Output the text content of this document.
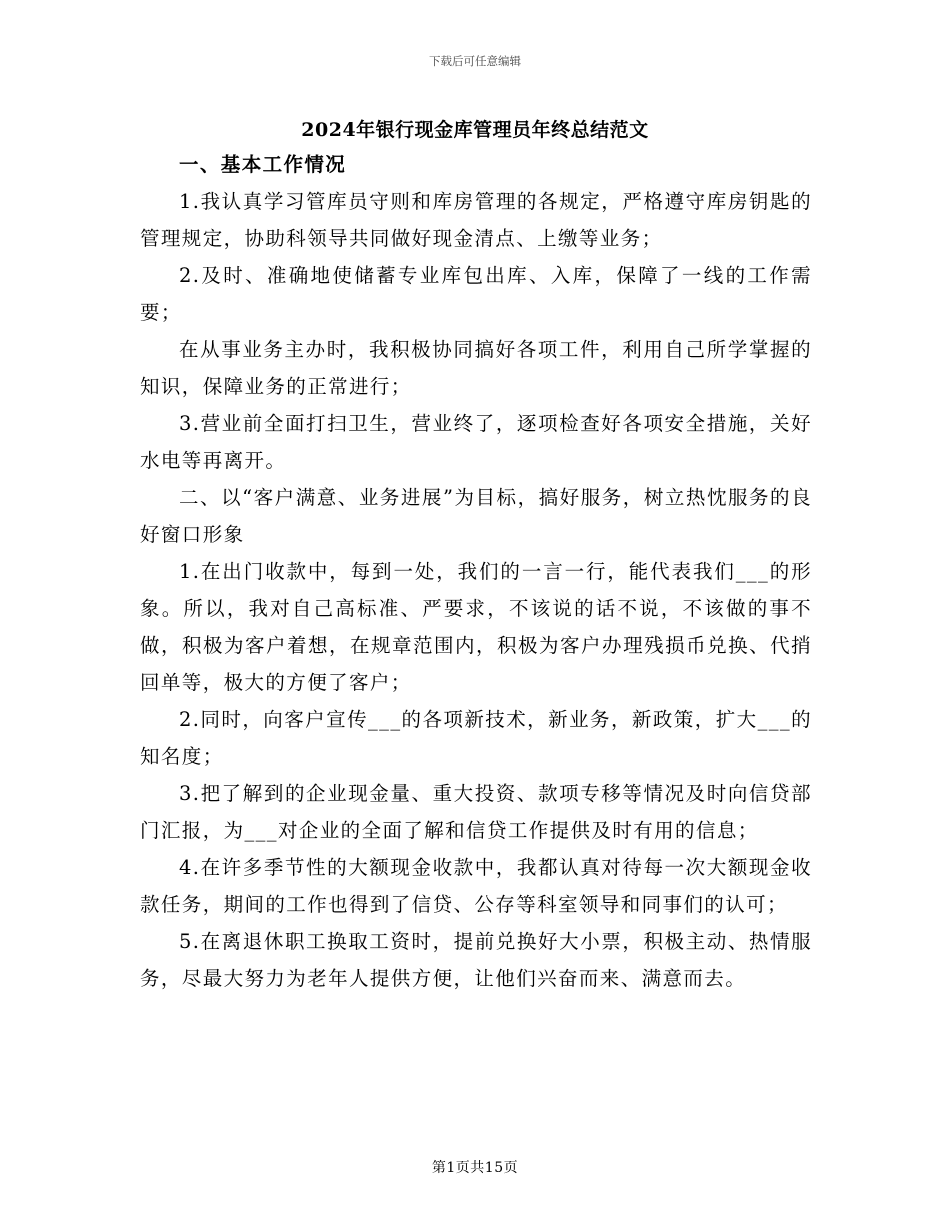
下载后可任意编辑
2024年银行现金库管理员年终总结范文

一、基本工作情况

1.我认真学习管库员守则和库房管理的各规定，严格遵守库房钥匙的管理规定，协助科领导共同做好现金清点、上缴等业务；

2.及时、准确地使储蓄专业库包出库、入库，保障了一线的工作需要；

在从事业务主办时，我积极协同搞好各项工件，利用自己所学掌握的知识，保障业务的正常进行；

3.营业前全面打扫卫生，营业终了，逐项检查好各项安全措施，关好水电等再离开。

二、以“客户满意、业务进展”为目标，搞好服务，树立热忱服务的良好窗口形象

1.在出门收款中，每到一处，我们的一言一行，能代表我们___的形象。所以，我对自己高标准、严要求，不该说的话不说，不该做的事不做，积极为客户着想，在规章范围内，积极为客户办理残损币兑换、代捎回单等，极大的方便了客户；

2.同时，向客户宣传___的各项新技术，新业务，新政策，扩大___的知名度；

3.把了解到的企业现金量、重大投资、款项专移等情况及时向信贷部门汇报，为___对企业的全面了解和信贷工作提供及时有用的信息；

4.在许多季节性的大额现金收款中，我都认真对待每一次大额现金收款任务，期间的工作也得到了信贷、公存等科室领导和同事们的认可；

5.在离退休职工换取工资时，提前兑换好大小票，积极主动、热情服务，尽最大努力为老年人提供方便，让他们兴奋而来、满意而去。

第1页共15页
